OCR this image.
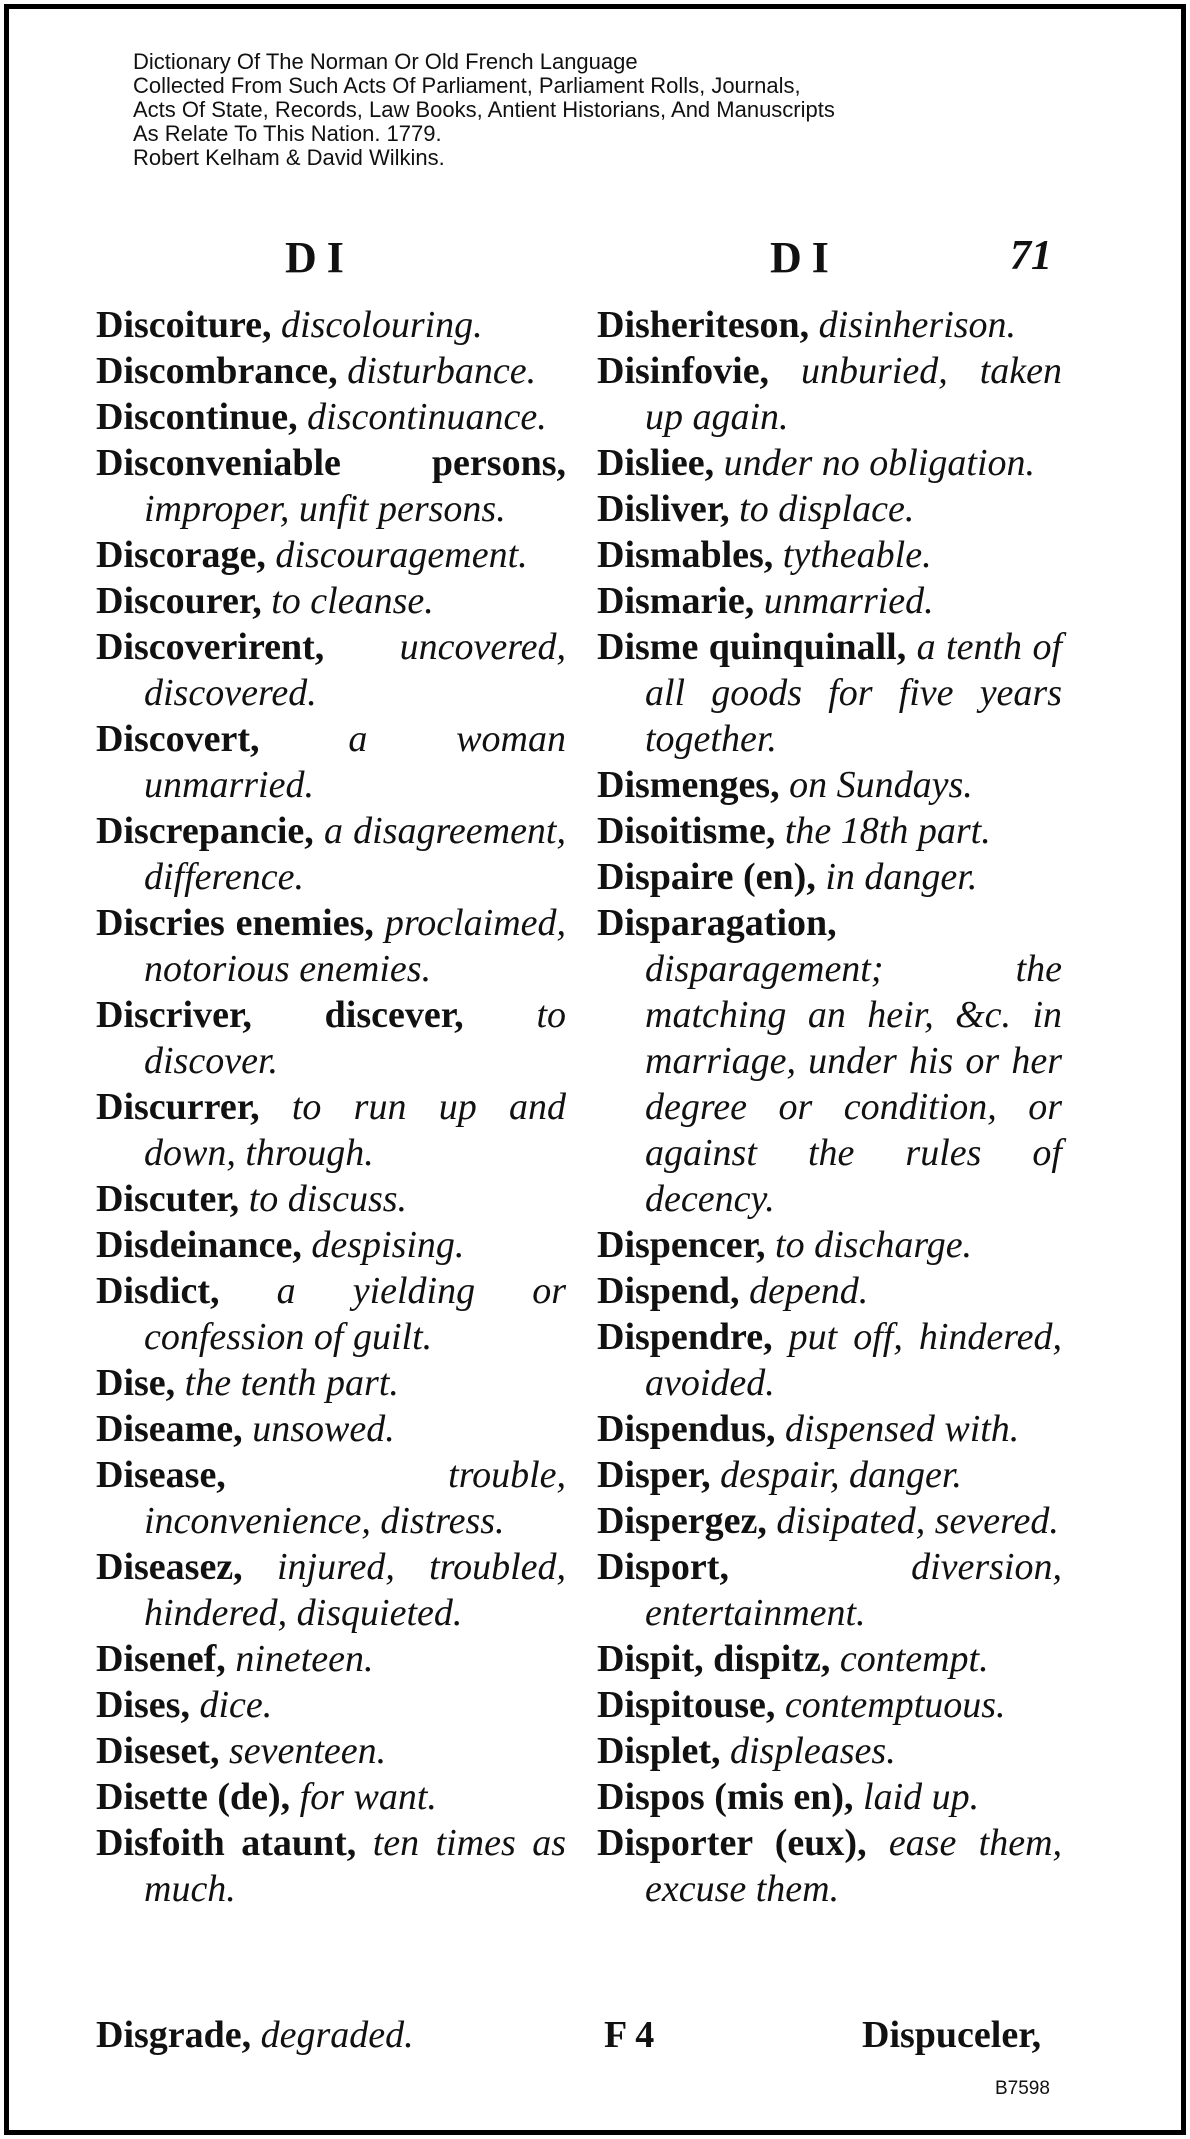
Dictionary Of The Norman Or Old French Language
Collected From Such Acts Of Parliament, Parliament Rolls, Journals,
Acts Of State, Records, Law Books, Antient Historians, And Manuscripts
As Relate To This Nation. 1779.
Robert Kelham & David Wilkins.
DI	DI	71
Discoiture, discolouring.
Discombrance, disturbance.
Discontinue, discontinuance.
Disconveniable persons, improper, unfit persons.
Discorage, discouragement.
Discourer, to cleanse.
Discoverirent, uncovered, discovered.
Discovert, a woman unmarried.
Discrepancie, a disagreement, difference.
Discries enemies, proclaimed, notorious enemies.
Discriver, discever, to discover.
Discurrer, to run up and down, through.
Discuter, to discuss.
Disdeinance, despising.
Disdict, a yielding or confession of guilt.
Dise, the tenth part.
Diseame, unsowed.
Disease,	trouble, inconvenience, distress.
Diseasez, injured, troubled, hindered, disquieted.
Disenef, nineteen.
Dises, dice.
Diseset, seventeen.
Disette (de), for want.
Disfoith ataunt, ten times as much.
Disheriteson, disinherison.
Disinfovie, unburied, taken up again.
Disliee, under no obligation.
Disliver, to displace.
Dismables, tytheable.
Dismarie, unmarried.
Disme quinquinall, a tenth of all goods for five years together.
Dismenges, on Sundays.
Disoitisme, the 18th part.
Dispaire (en), in danger.
Disparagation, disparagement; the matching an heir, &c. in marriage, under his or her degree or condition, or against the rules of decency.
Dispencer, to discharge.
Dispend, depend.
Dispendre, put off, hindered, avoided.
Dispendus, dispensed with.
Disper, despair, danger.
Dispergez, disipated, severed.
Disport,	diversion, entertainment.
Dispit, dispitz, contempt.
Dispitouse, contemptuous.
Displet, displeases.
Dispos (mis en), laid up.
Disporter (eux), ease them, excuse them.
Disgrade, degraded.	F 4	Dispuceler,
B7598
